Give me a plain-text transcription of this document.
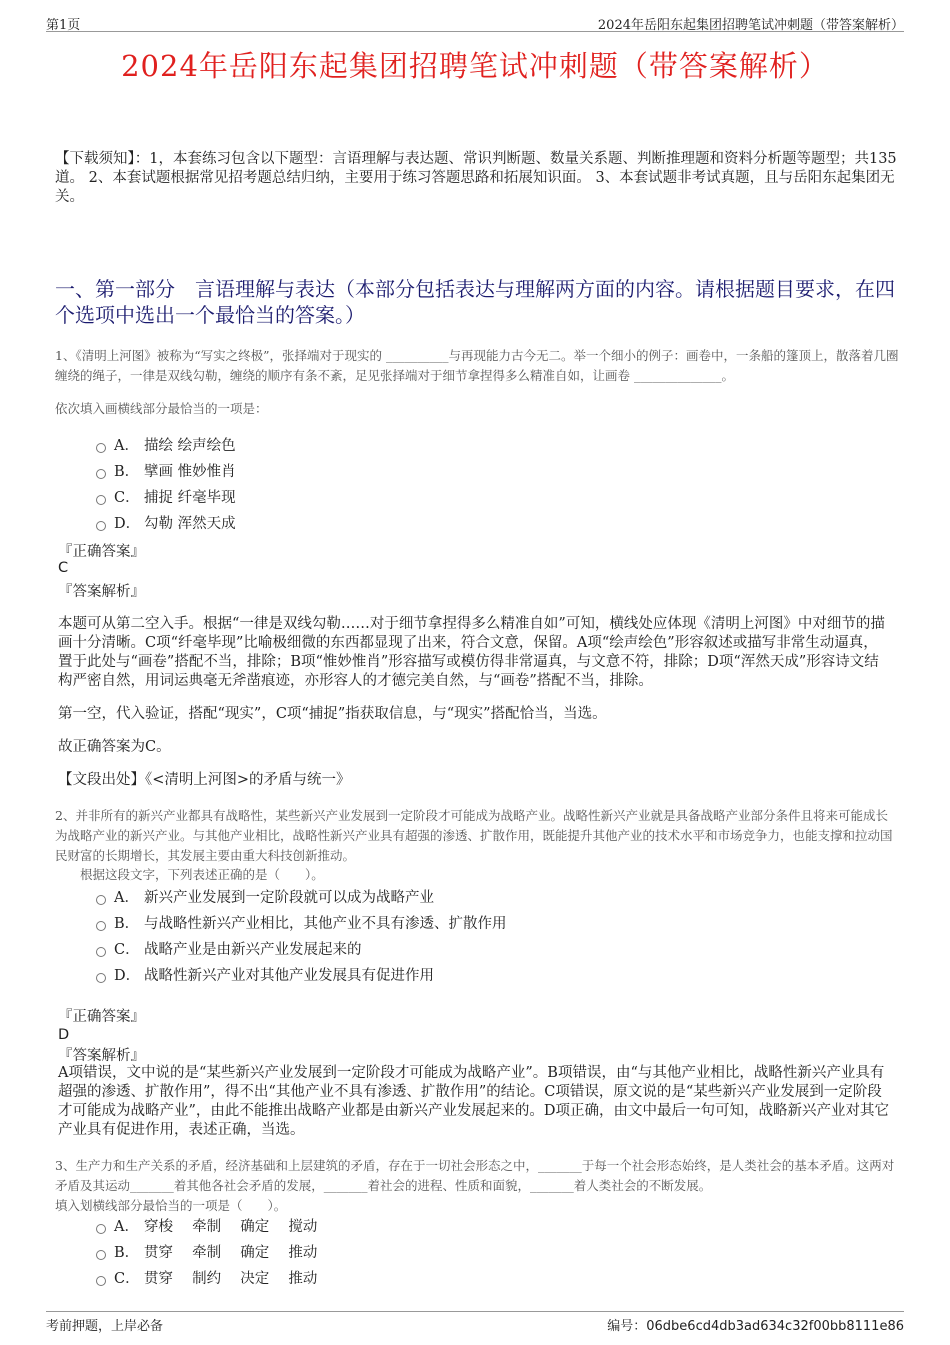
第1页	2024年岳阳东起集团招聘笔试冲刺题（带答案解析）
2024年岳阳东起集团招聘笔试冲刺题（带答案解析）
【下载须知】：1，本套练习包含以下题型：言语理解与表达题、常识判断题、数量关系题、判断推理题和资料分析题等题型；共135道。 2、本套试题根据常见招考题总结归纳，主要用于练习答题思路和拓展知识面。 3、本套试题非考试真题，且与岳阳东起集团无关。
一、第一部分　言语理解与表达（本部分包括表达与理解两方面的内容。请根据题目要求，在四个选项中选出一个最恰当的答案。）
1、《清明上河图》被称为“写实之终极”，张择端对于现实的 __________与再现能力古今无二。举一个细小的例子：画卷中，一条船的篷顶上，散落着几圈缠绕的绳子，一律是双线勾勒，缠绕的顺序有条不紊，足见张择端对于细节拿捏得多么精准自如，让画卷 ______________。
依次填入画横线部分最恰当的一项是：
A． 描绘 绘声绘色
B． 擘画 惟妙惟肖
C． 捕捉 纤毫毕现
D． 勾勒 浑然天成
『正确答案』
C
『答案解析』
本题可从第二空入手。根据“一律是双线勾勒……对于细节拿捏得多么精准自如”可知，横线处应体现《清明上河图》中对细节的描画十分清晰。C项“纤毫毕现”比喻极细微的东西都显现了出来，符合文意，保留。A项“绘声绘色”形容叙述或描写非常生动逼真，置于此处与“画卷”搭配不当，排除；B项“惟妙惟肖”形容描写或模仿得非常逼真，与文意不符，排除；D项“浑然天成”形容诗文结构严密自然，用词运典毫无斧凿痕迹，亦形容人的才德完美自然，与“画卷”搭配不当，排除。
第一空，代入验证，搭配“现实”，C项“捕捉”指获取信息，与“现实”搭配恰当，当选。
故正确答案为C。
【文段出处】《<清明上河图>的矛盾与统一》
2、并非所有的新兴产业都具有战略性，某些新兴产业发展到一定阶段才可能成为战略产业。战略性新兴产业就是具备战略产业部分条件且将来可能成长为战略产业的新兴产业。与其他产业相比，战略性新兴产业具有超强的渗透、扩散作用，既能提升其他产业的技术水平和市场竞争力，也能支撑和拉动国民财富的长期增长，其发展主要由重大科技创新推动。
根据这段文字，下列表述正确的是（　　）。
A． 新兴产业发展到一定阶段就可以成为战略产业
B． 与战略性新兴产业相比，其他产业不具有渗透、扩散作用
C． 战略产业是由新兴产业发展起来的
D． 战略性新兴产业对其他产业发展具有促进作用
『正确答案』
D
『答案解析』
A项错误，文中说的是“某些新兴产业发展到一定阶段才可能成为战略产业”。B项错误，由“与其他产业相比，战略性新兴产业具有超强的渗透、扩散作用”，得不出“其他产业不具有渗透、扩散作用”的结论。C项错误，原文说的是“某些新兴产业发展到一定阶段才可能成为战略产业”，由此不能推出战略产业都是由新兴产业发展起来的。D项正确，由文中最后一句可知，战略新兴产业对其它产业具有促进作用，表述正确，当选。
3、生产力和生产关系的矛盾，经济基础和上层建筑的矛盾，存在于一切社会形态之中，_______于每一个社会形态始终，是人类社会的基本矛盾。这两对矛盾及其运动_______着其他各社会矛盾的发展，_______着社会的进程、性质和面貌，_______着人类社会的不断发展。
填入划横线部分最恰当的一项是（　　）。
A． 穿梭　 牵制　 确定　 搅动
B． 贯穿　 牵制　 确定　 推动
C． 贯穿　 制约　 决定　 推动
考前押题，上岸必备	编号：06dbe6cd4db3ad634c32f00bb8111e86
